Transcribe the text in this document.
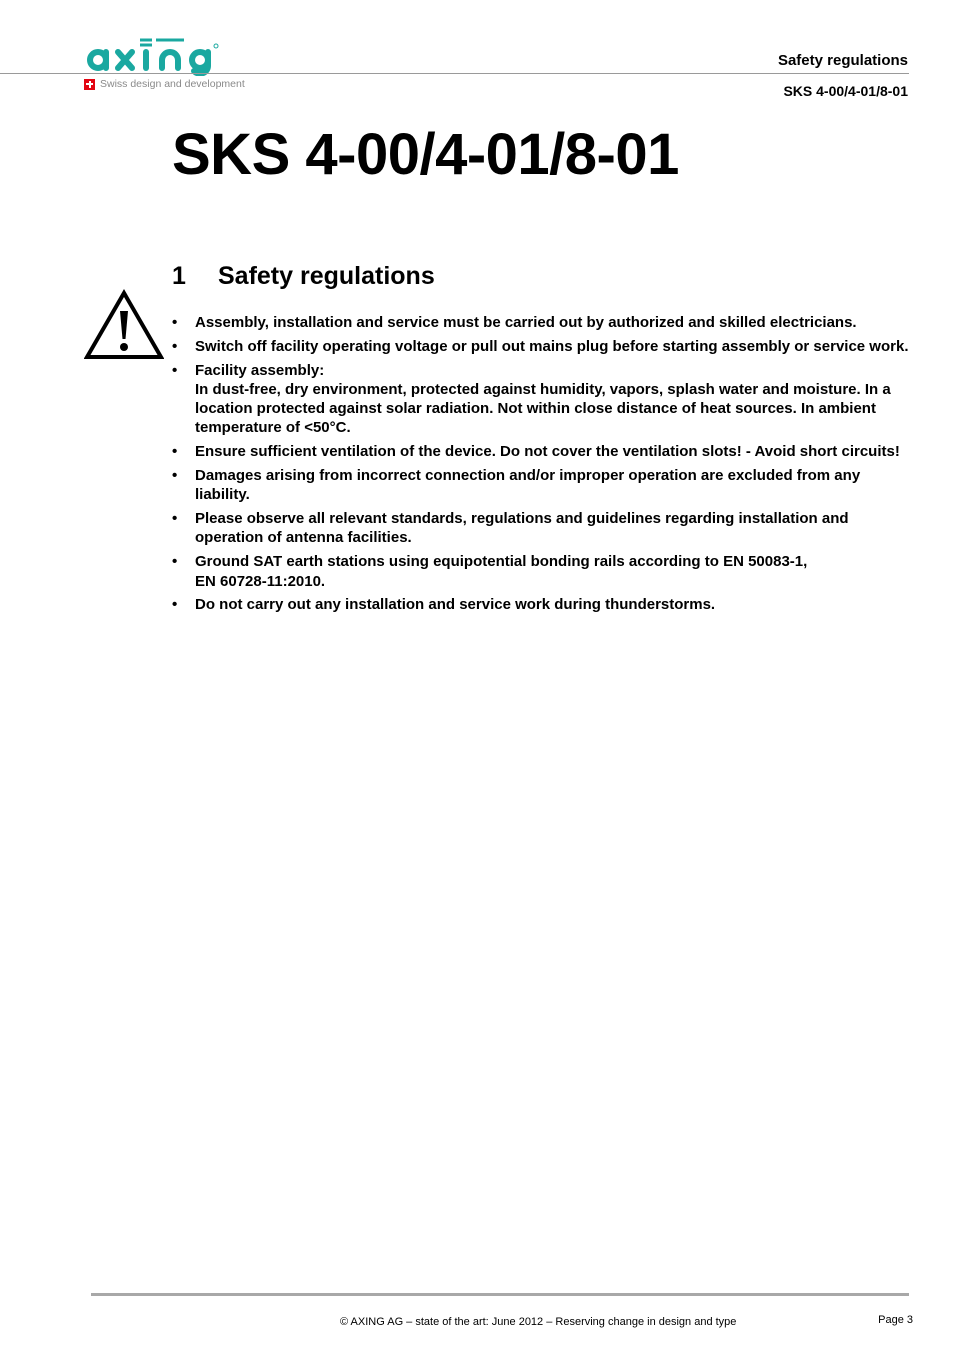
Swiss design and development
Safety regulations
SKS 4-00/4-01/8-01
SKS 4-00/4-01/8-01
1	Safety regulations
• Assembly, installation and service must be carried out by authorized and skilled electricians.
• Switch off facility operating voltage or pull out mains plug before starting assembly or service work.
• Facility assembly:
In dust-free, dry environment, protected against humidity, vapors, splash water and moisture. In a location protected against solar radiation. Not within close distance of heat sources. In ambient temperature of <50°C.
• Ensure sufficient ventilation of the device. Do not cover the ventilation slots! - Avoid short circuits!
• Damages arising from incorrect connection and/or improper operation are excluded from any liability.
• Please observe all relevant standards, regulations and guidelines regarding installation and operation of antenna facilities.
• Ground SAT earth stations using equipotential bonding rails according to EN 50083-1,
EN 60728-11:2010.
• Do not carry out any installation and service work during thunderstorms.
© AXING AG – state of the art: June 2012 – Reserving change in design and type	Page 3
